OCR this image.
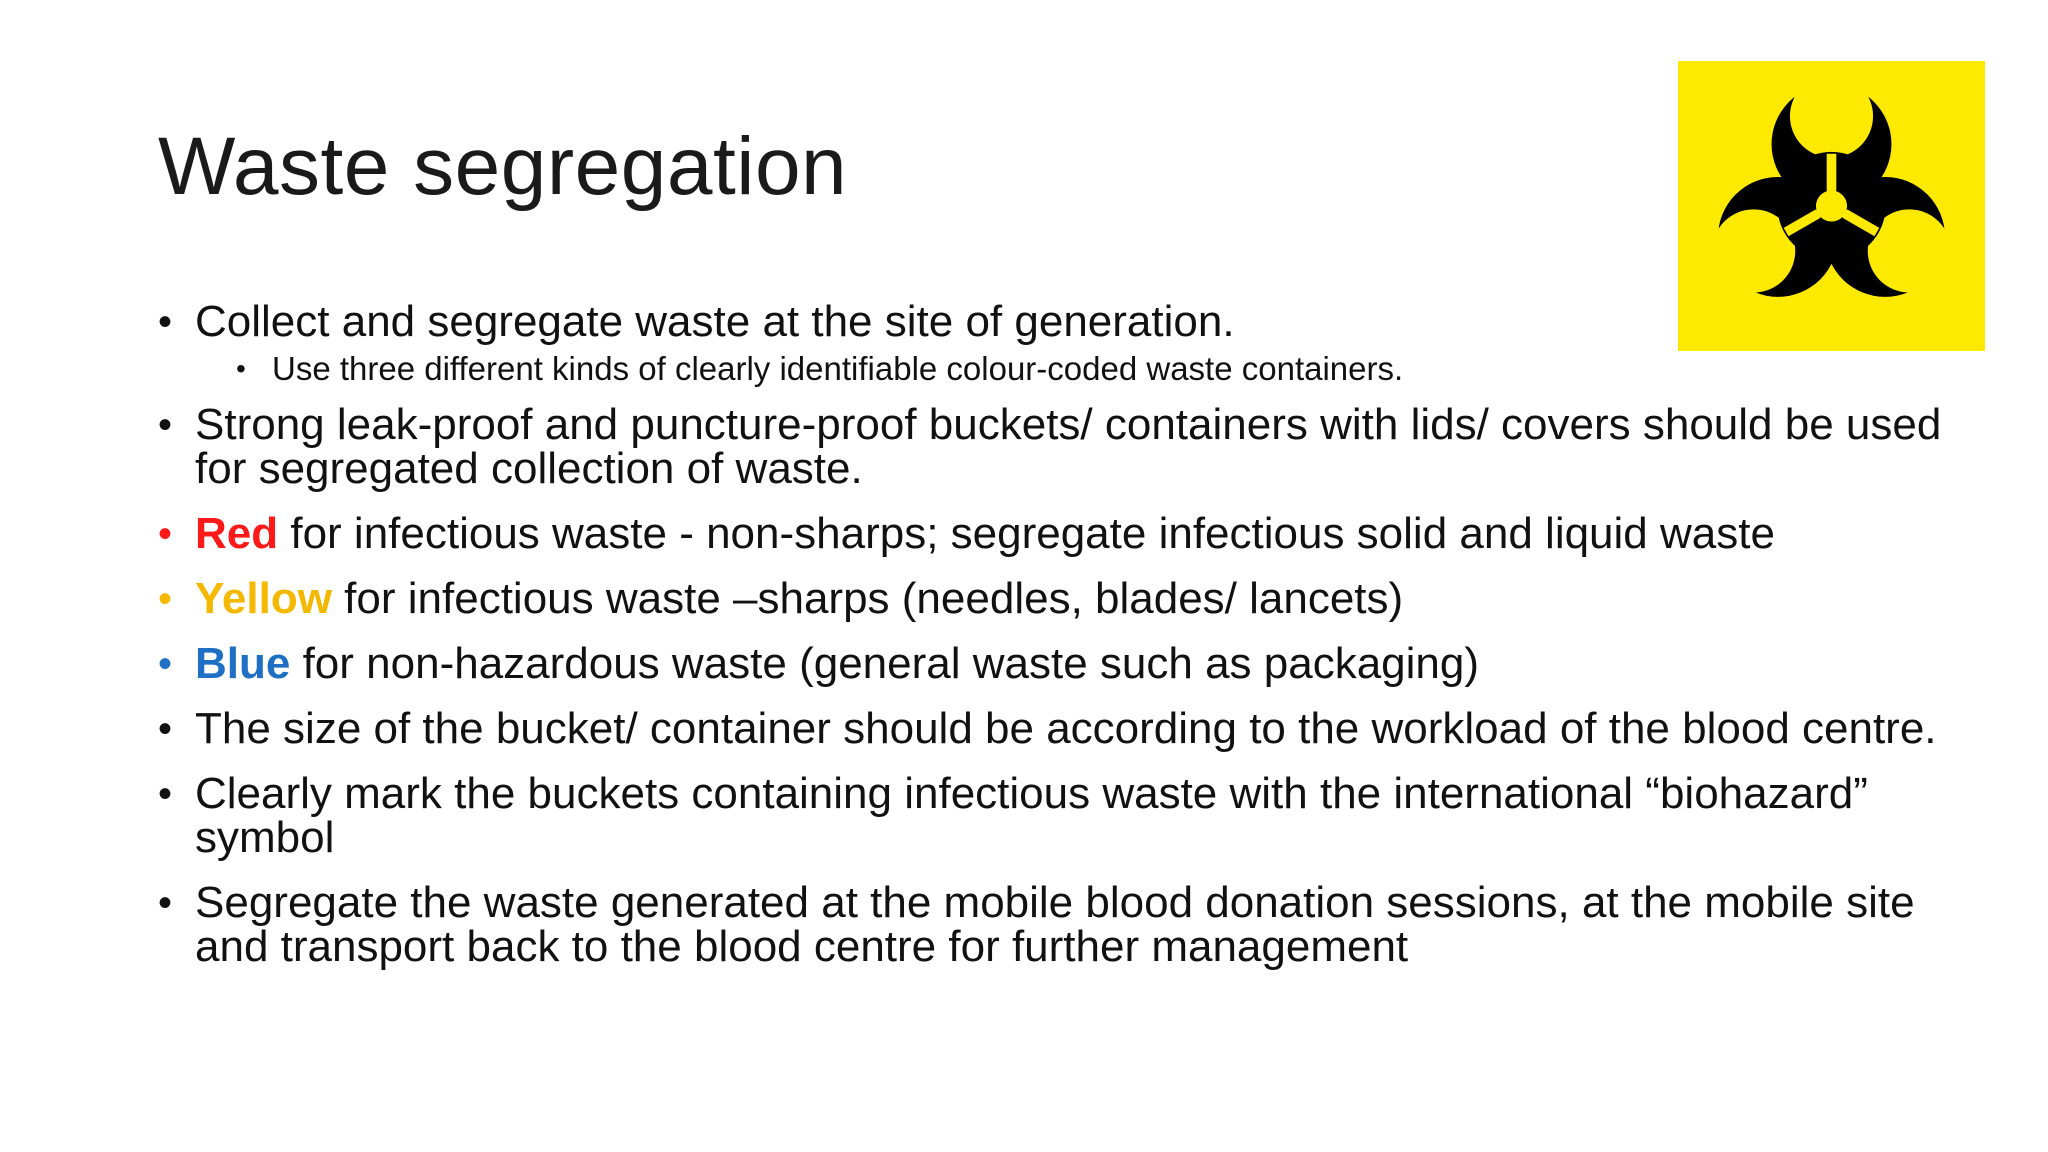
Waste segregation
• Collect and segregate waste at the site of generation.
• Use three different kinds of clearly identifiable colour-coded waste containers.
• Strong leak-proof and puncture-proof buckets/ containers with lids/ covers should be used for segregated collection of waste.
• Red for infectious waste - non-sharps; segregate infectious solid and liquid waste
• Yellow for infectious waste –sharps (needles, blades/ lancets)
• Blue for non-hazardous waste (general waste such as packaging)
• The size of the bucket/ container should be according to the workload of the blood centre.
• Clearly mark the buckets containing infectious waste with the international “biohazard” symbol
• Segregate the waste generated at the mobile blood donation sessions, at the mobile site and transport back to the blood centre for further management
